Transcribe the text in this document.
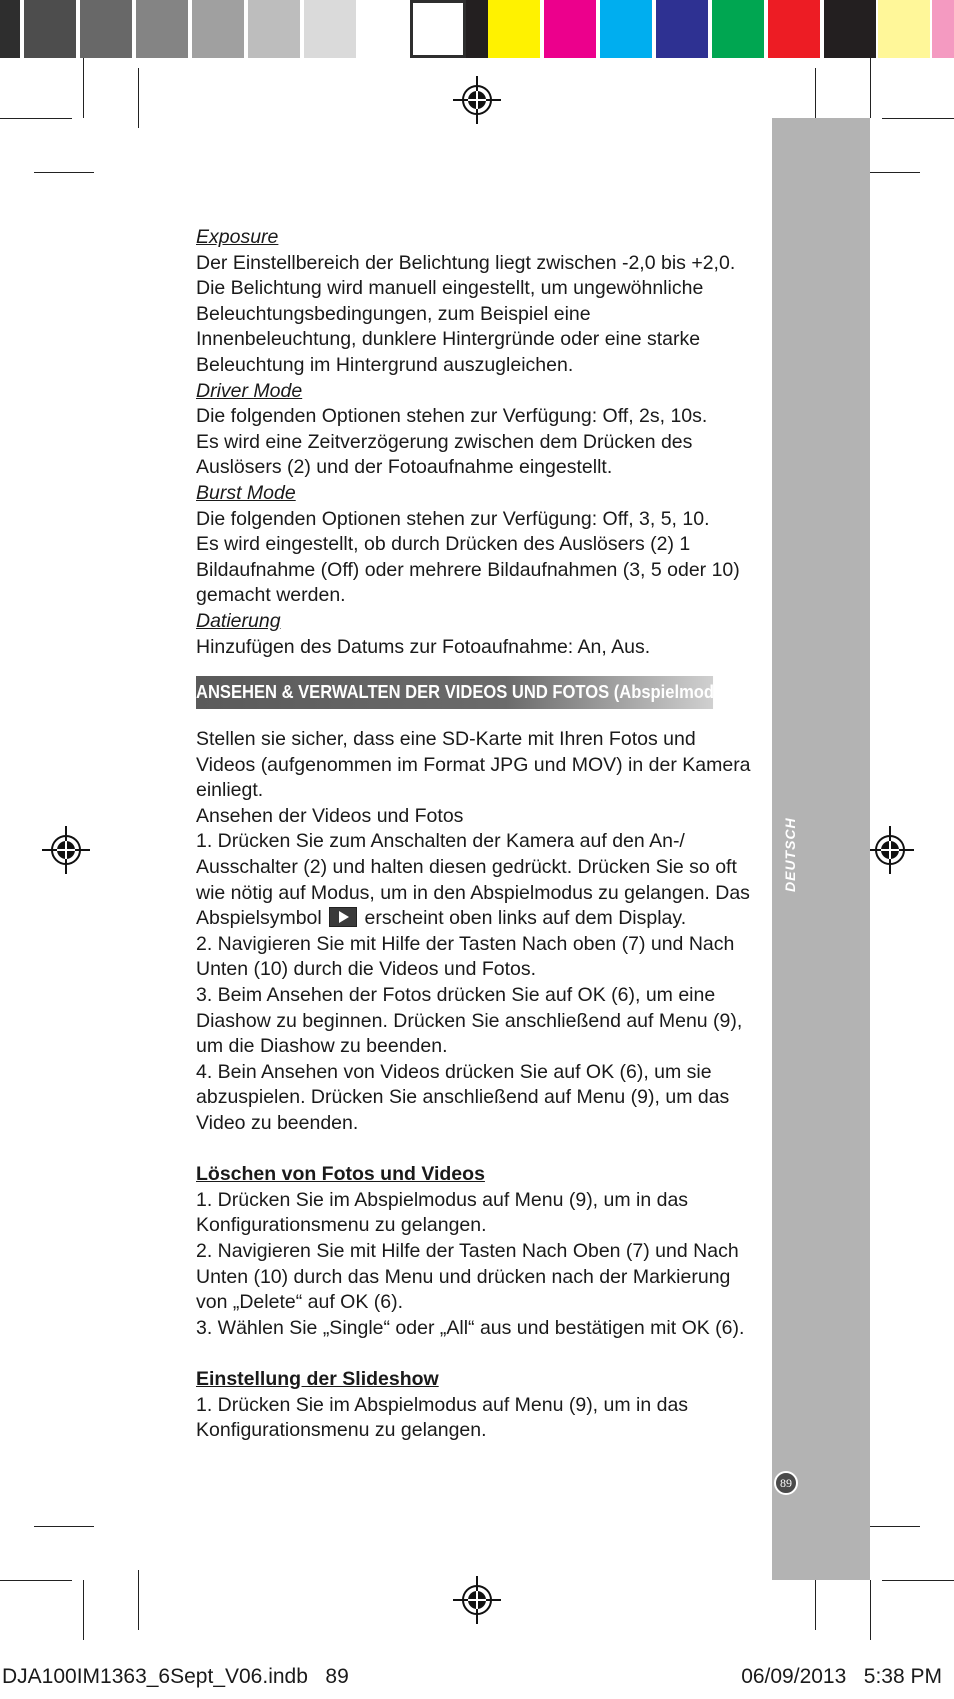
DEUTSCH
89

Exposure

Der Einstellbereich der Belichtung liegt zwischen -2,0 bis +2,0.

Die Belichtung wird manuell eingestellt, um ungewöhnliche

Beleuchtungsbedingungen, zum Beispiel eine

Innenbeleuchtung, dunklere Hintergründe oder eine starke

Beleuchtung im Hintergrund auszugleichen.

Driver Mode

Die folgenden Optionen stehen zur Verfügung: Off, 2s, 10s.

Es wird eine Zeitverzögerung zwischen dem Drücken des

Auslösers (2) und der Fotoaufnahme eingestellt.

Burst Mode

Die folgenden Optionen stehen zur Verfügung: Off, 3, 5, 10.

Es wird eingestellt, ob durch Drücken des Auslösers (2) 1

Bildaufnahme (Off) oder mehrere Bildaufnahmen (3, 5 oder 10)

gemacht werden.

Datierung

Hinzufügen des Datums zur Fotoaufnahme: An, Aus.

ANSEHEN & VERWALTEN DER VIDEOS UND FOTOS (Abspielmodus)

Stellen sie sicher, dass eine SD-Karte mit Ihren Fotos und

Videos (aufgenommen im Format JPG und MOV) in der Kamera

einliegt.

Ansehen der Videos und Fotos

1. Drücken Sie zum Anschalten der Kamera auf den An-/

Ausschalter (2) und halten diesen gedrückt. Drücken Sie so oft

wie nötig auf Modus, um in den Abspielmodus zu gelangen. Das

Abspielsymbol  erscheint oben links auf dem Display.

2. Navigieren Sie mit Hilfe der Tasten Nach oben (7) und Nach

Unten (10) durch die Videos und Fotos.

3. Beim Ansehen der Fotos drücken Sie auf OK (6), um eine

Diashow zu beginnen. Drücken Sie anschließend auf Menu (9),

um die Diashow zu beenden.

4. Bein Ansehen von Videos drücken Sie auf OK (6), um sie

abzuspielen. Drücken Sie anschließend auf Menu (9), um das

Video zu beenden.

Löschen von Fotos und Videos

1. Drücken Sie im Abspielmodus auf Menu (9), um in das

Konfigurationsmenu zu gelangen.

2. Navigieren Sie mit Hilfe der Tasten Nach Oben (7) und Nach

Unten (10) durch das Menu und drücken nach der Markierung

von „Delete“ auf OK (6).

3. Wählen Sie „Single“ oder „All“ aus und bestätigen mit OK (6).

Einstellung der Slideshow

1. Drücken Sie im Abspielmodus auf Menu (9), um in das

Konfigurationsmenu zu gelangen.

DJA100IM1363_6Sept_V06.indb   89	06/09/2013   5:38 PM
